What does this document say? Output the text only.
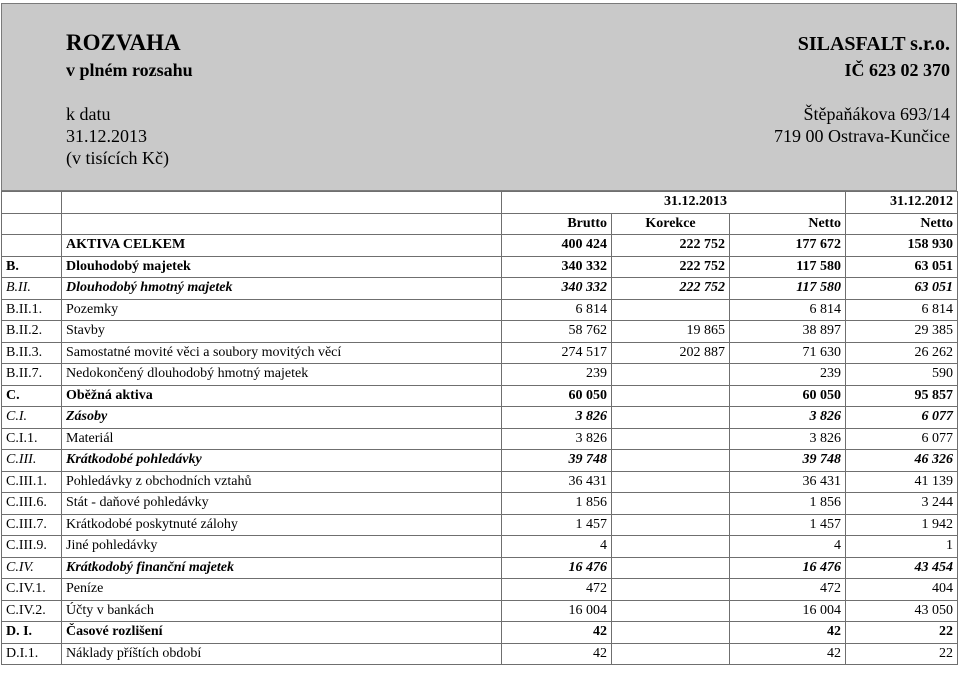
ROZVAHA
v plném rozsahu
SILASFALT s.r.o.
IČ 623 02 370
k datu
31.12.2013
(v tisících Kč)
Štěpaňákova 693/14
719 00 Ostrava-Kunčice
		31.12.2013			31.12.2012
		Brutto	Korekce	Netto	Netto
	AKTIVA CELKEM	400 424	222 752	177 672	158 930
B.	Dlouhodobý majetek	340 332	222 752	117 580	63 051
B.II.	Dlouhodobý hmotný majetek	340 332	222 752	117 580	63 051
B.II.1.	Pozemky	6 814		6 814	6 814
B.II.2.	Stavby	58 762	19 865	38 897	29 385
B.II.3.	Samostatné movité věci a soubory movitých věcí	274 517	202 887	71 630	26 262
B.II.7.	Nedokončený dlouhodobý hmotný majetek	239		239	590
C.	Oběžná aktiva	60 050		60 050	95 857
C.I.	Zásoby	3 826		3 826	6 077
C.I.1.	Materiál	3 826		3 826	6 077
C.III.	Krátkodobé pohledávky	39 748		39 748	46 326
C.III.1.	Pohledávky z obchodních vztahů	36 431		36 431	41 139
C.III.6.	Stát - daňové pohledávky	1 856		1 856	3 244
C.III.7.	Krátkodobé poskytnuté zálohy	1 457		1 457	1 942
C.III.9.	Jiné pohledávky	4		4	1
C.IV.	Krátkodobý finanční majetek	16 476		16 476	43 454
C.IV.1.	Peníze	472		472	404
C.IV.2.	Účty v bankách	16 004		16 004	43 050
D. I.	Časové rozlišení	42		42	22
D.I.1.	Náklady příštích období	42		42	22
